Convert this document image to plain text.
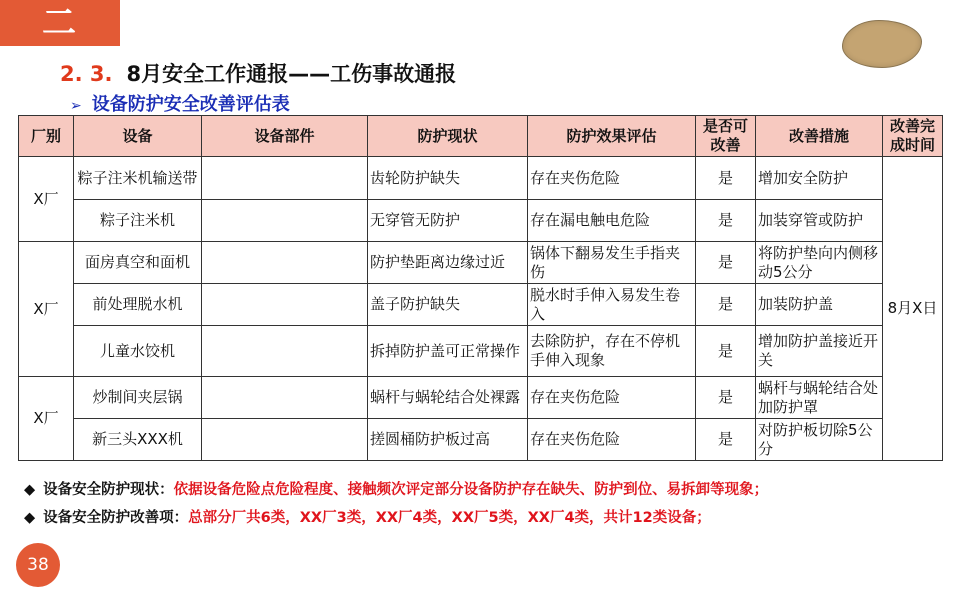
二
2. 3. 8月安全工作通报——工伤事故通报
➢ 设备防护安全改善评估表
厂别	设备	设备部件	防护现状	防护效果评估	是否可改善	改善措施	改善完成时间
X厂	粽子注米机输送带		齿轮防护缺失	存在夹伤危险	是	增加安全防护	8月X日
	粽子注米机		无穿管无防护	存在漏电触电危险	是	加装穿管或防护	
X厂	面房真空和面机		防护垫距离边缘过近	锅体下翻易发生手指夹伤	是	将防护垫向内侧移动5公分	
	前处理脱水机		盖子防护缺失	脱水时手伸入易发生卷入	是	加装防护盖	
	儿童水饺机		拆掉防护盖可正常操作	去除防护，存在不停机手伸入现象	是	增加防护盖接近开关	
X厂	炒制间夹层锅		蜗杆与蜗轮结合处裸露	存在夹伤危险	是	蜗杆与蜗轮结合处加防护罩	
	新三头XXX机		搓圆桶防护板过高	存在夹伤危险	是	对防护板切除5公分	
◆ 设备安全防护现状：依据设备危险点危险程度、接触频次评定部分设备防护存在缺失、防护到位、易拆卸等现象；
◆ 设备安全防护改善项：总部分厂共6类，XX厂3类，XX厂4类，XX厂5类，XX厂4类，共计12类设备；
38
